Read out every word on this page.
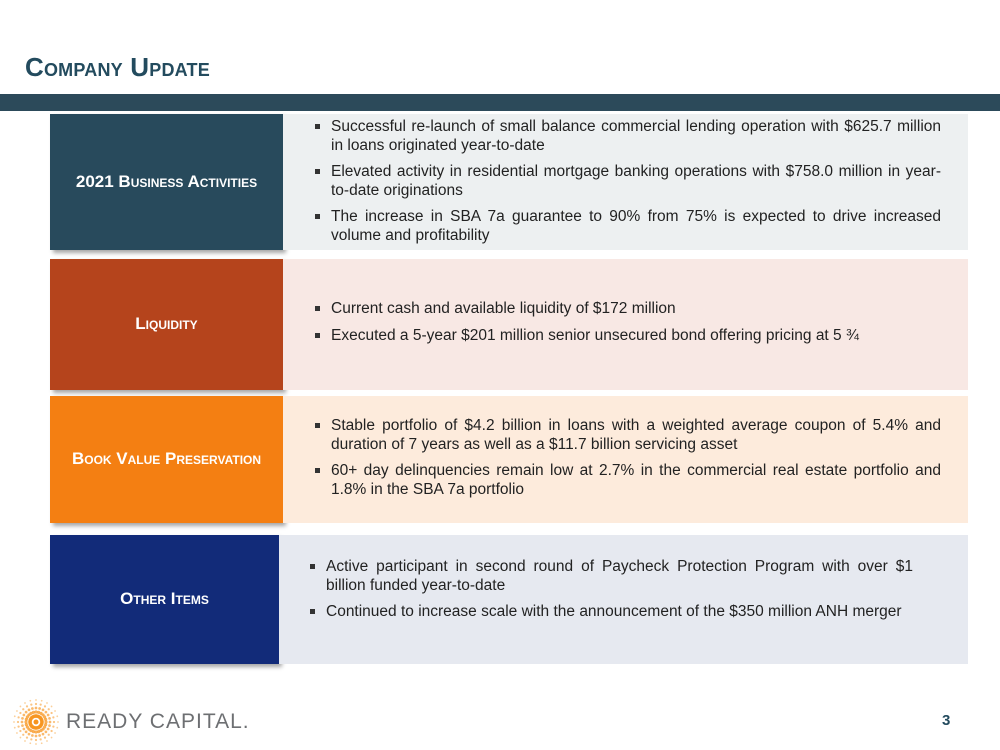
Company Update
2021 Business Activities
Successful re-launch of small balance commercial lending operation with $625.7 million in loans originated year-to-date
Elevated activity in residential mortgage banking operations with $758.0 million in year-to-date originations
The increase in SBA 7a guarantee to 90% from 75% is expected to drive increased volume and profitability
Liquidity
Current cash and available liquidity of $172 million
Executed a 5-year $201 million senior unsecured bond offering pricing at 5 ¾
Book Value Preservation
Stable portfolio of $4.2 billion in loans with a weighted average coupon of 5.4% and duration of 7 years as well as a $11.7 billion servicing asset
60+ day delinquencies remain low at 2.7% in the commercial real estate portfolio and 1.8% in the SBA 7a portfolio
Other Items
Active participant in second round of Paycheck Protection Program with over $1 billion funded year-to-date
Continued to increase scale with the announcement of the $350 million ANH merger
READY CAPITAL.	3
